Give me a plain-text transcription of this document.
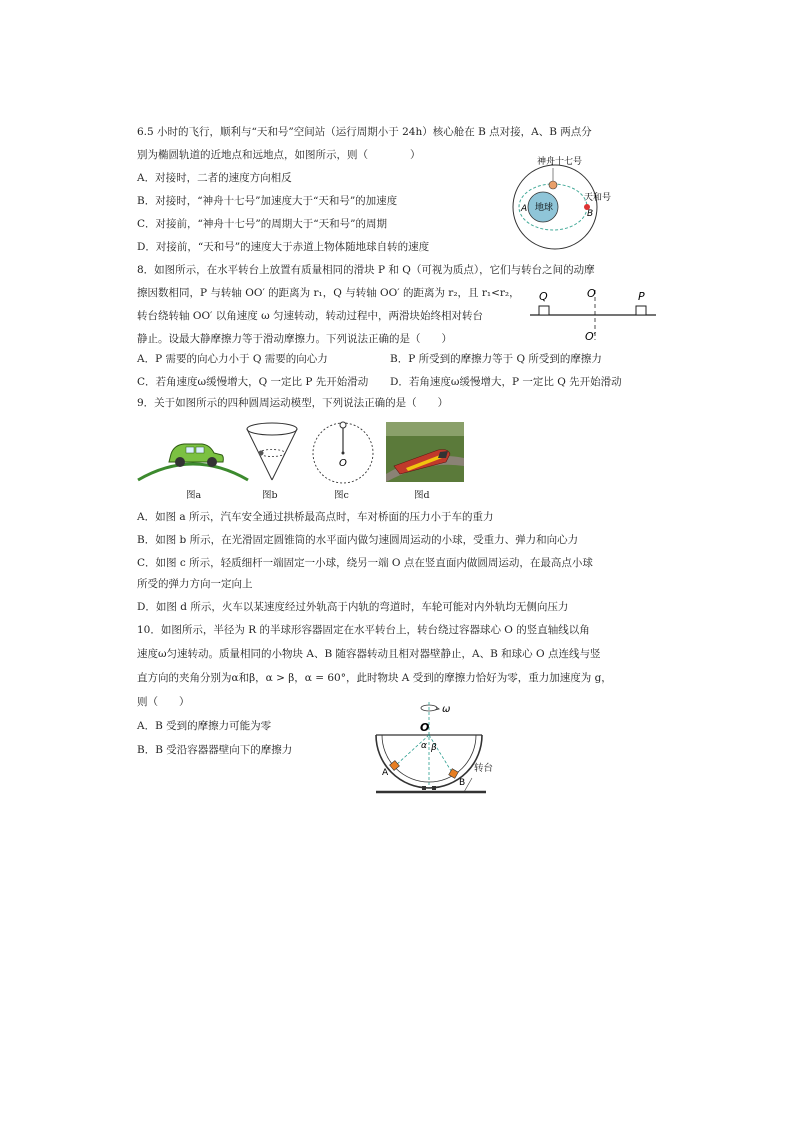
6.5 小时的飞行，顺利与“天和号”空间站（运行周期小于 24h）核心舱在 B 点对接，A、B 两点分
别为椭圆轨道的近地点和远地点，如图所示，则（　　　　）
A．对接时，二者的速度方向相反
B．对接时，“神舟十七号”加速度大于“天和号”的加速度
C．对接前，“神舟十七号”的周期大于“天和号”的周期
D．对接前，“天和号”的速度大于赤道上物体随地球自转的速度
神舟十七号
天和号
地球
A	B
8．如图所示，在水平转台上放置有质量相同的滑块 P 和 Q（可视为质点），它们与转台之间的动摩
擦因数相同，P 与转轴 OO′ 的距离为 r₁，Q 与转轴 OO′ 的距离为 r₂，且 r₁<r₂，
转台绕转轴 OO′ 以角速度 ω 匀速转动，转动过程中，两滑块始终相对转台
静止。设最大静摩擦力等于滑动摩擦力。下列说法正确的是（　　）
A．P 需要的向心力小于 Q 需要的向心力	B．P 所受到的摩擦力等于 Q 所受到的摩擦力
C．若角速度ω缓慢增大，Q 一定比 P 先开始滑动 D．若角速度ω缓慢增大，P 一定比 Q 先开始滑动
Q	O	P
O′
9．关于如图所示的四种圆周运动模型，下列说法正确的是（　　）
图a	图b
O
图c	图d
A．如图 a 所示，汽车安全通过拱桥最高点时，车对桥面的压力小于车的重力
B．如图 b 所示，在光滑固定圆锥筒的水平面内做匀速圆周运动的小球，受重力、弹力和向心力
C．如图 c 所示，轻质细杆一端固定一小球，绕另一端 O 点在竖直面内做圆周运动，在最高点小球
所受的弹力方向一定向上
D．如图 d 所示，火车以某速度经过外轨高于内轨的弯道时，车轮可能对内外轨均无侧向压力
10．如图所示，半径为 R 的半球形容器固定在水平转台上，转台绕过容器球心 O 的竖直轴线以角
速度ω匀速转动。质量相同的小物块 A、B 随容器转动且相对器壁静止，A、B 和球心 O 点连线与竖
直方向的夹角分别为α和β，α > β，α = 60°，此时物块 A 受到的摩擦力恰好为零，重力加速度为 g，
则（　　）
A．B 受到的摩擦力可能为零
B．B 受沿容器器壁向下的摩擦力
ω
O
α β
A
B
转台
